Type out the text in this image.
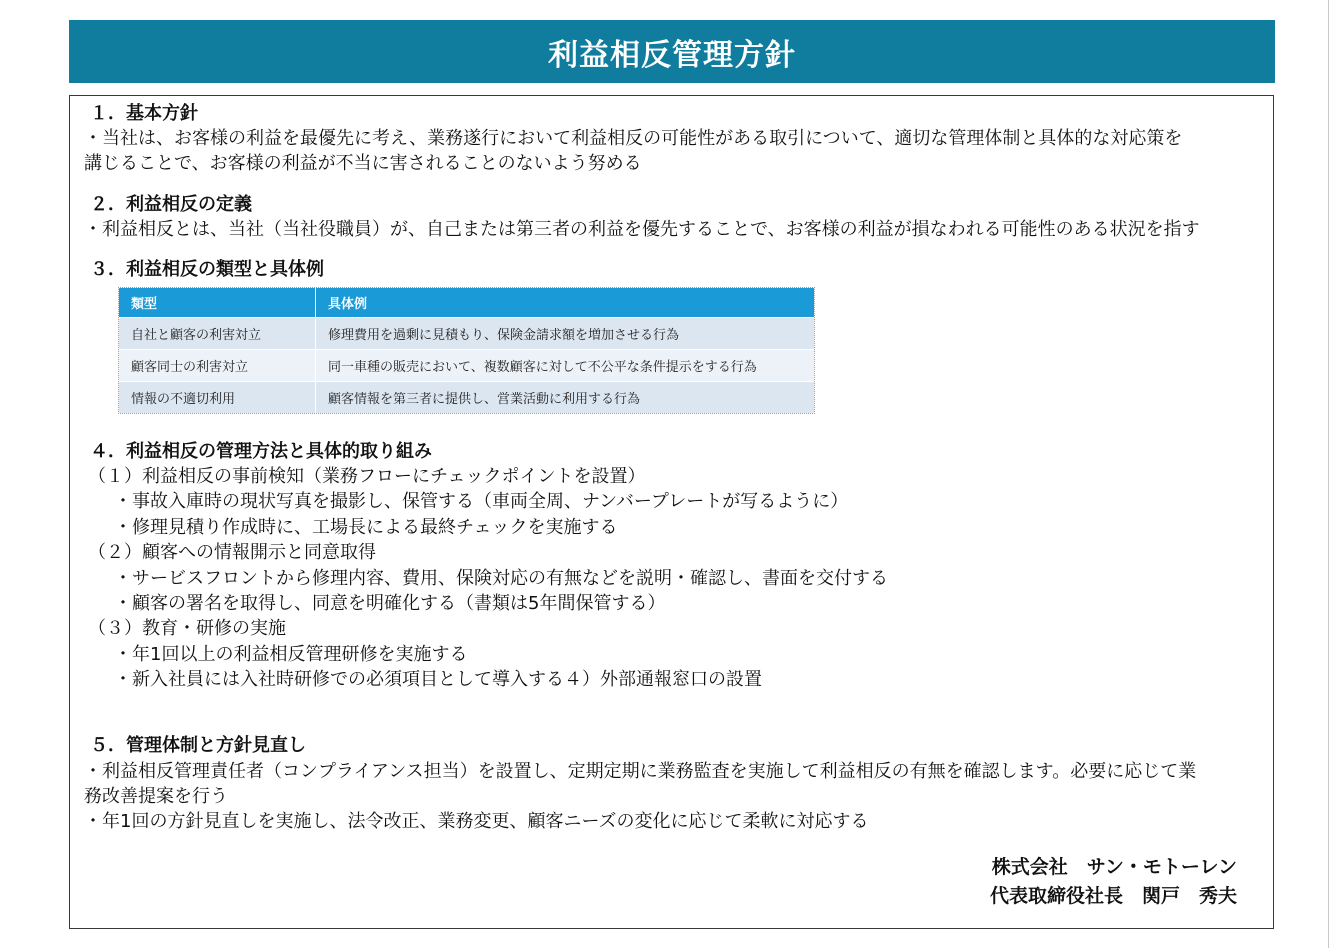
利益相反管理方針
１．基本方針
・当社は、お客様の利益を最優先に考え、業務遂行において利益相反の可能性がある取引について、適切な管理体制と具体的な対応策を
講じることで、お客様の利益が不当に害されることのないよう努める
２．利益相反の定義
・利益相反とは、当社（当社役職員）が、自己または第三者の利益を優先することで、お客様の利益が損なわれる可能性のある状況を指す
３．利益相反の類型と具体例
類型	具体例
自社と顧客の利害対立	修理費用を過剰に見積もり、保険金請求額を増加させる行為
顧客同士の利害対立	同一車種の販売において、複数顧客に対して不公平な条件提示をする行為
情報の不適切利用	顧客情報を第三者に提供し、営業活動に利用する行為
４．利益相反の管理方法と具体的取り組み
（１）利益相反の事前検知（業務フローにチェックポイントを設置）
・事故入庫時の現状写真を撮影し、保管する（車両全周、ナンバープレートが写るように）
・修理見積り作成時に、工場長による最終チェックを実施する
（２）顧客への情報開示と同意取得
・サービスフロントから修理内容、費用、保険対応の有無などを説明・確認し、書面を交付する
・顧客の署名を取得し、同意を明確化する（書類は5年間保管する）
（３）教育・研修の実施
・年1回以上の利益相反管理研修を実施する
・新入社員には入社時研修での必須項目として導入する４）外部通報窓口の設置
５．管理体制と方針見直し
・利益相反管理責任者（コンプライアンス担当）を設置し、定期定期に業務監査を実施して利益相反の有無を確認します。必要に応じて業
務改善提案を行う
・年1回の方針見直しを実施し、法令改正、業務変更、顧客ニーズの変化に応じて柔軟に対応する
株式会社　サン・モトーレン
代表取締役社長　関戸　秀夫
